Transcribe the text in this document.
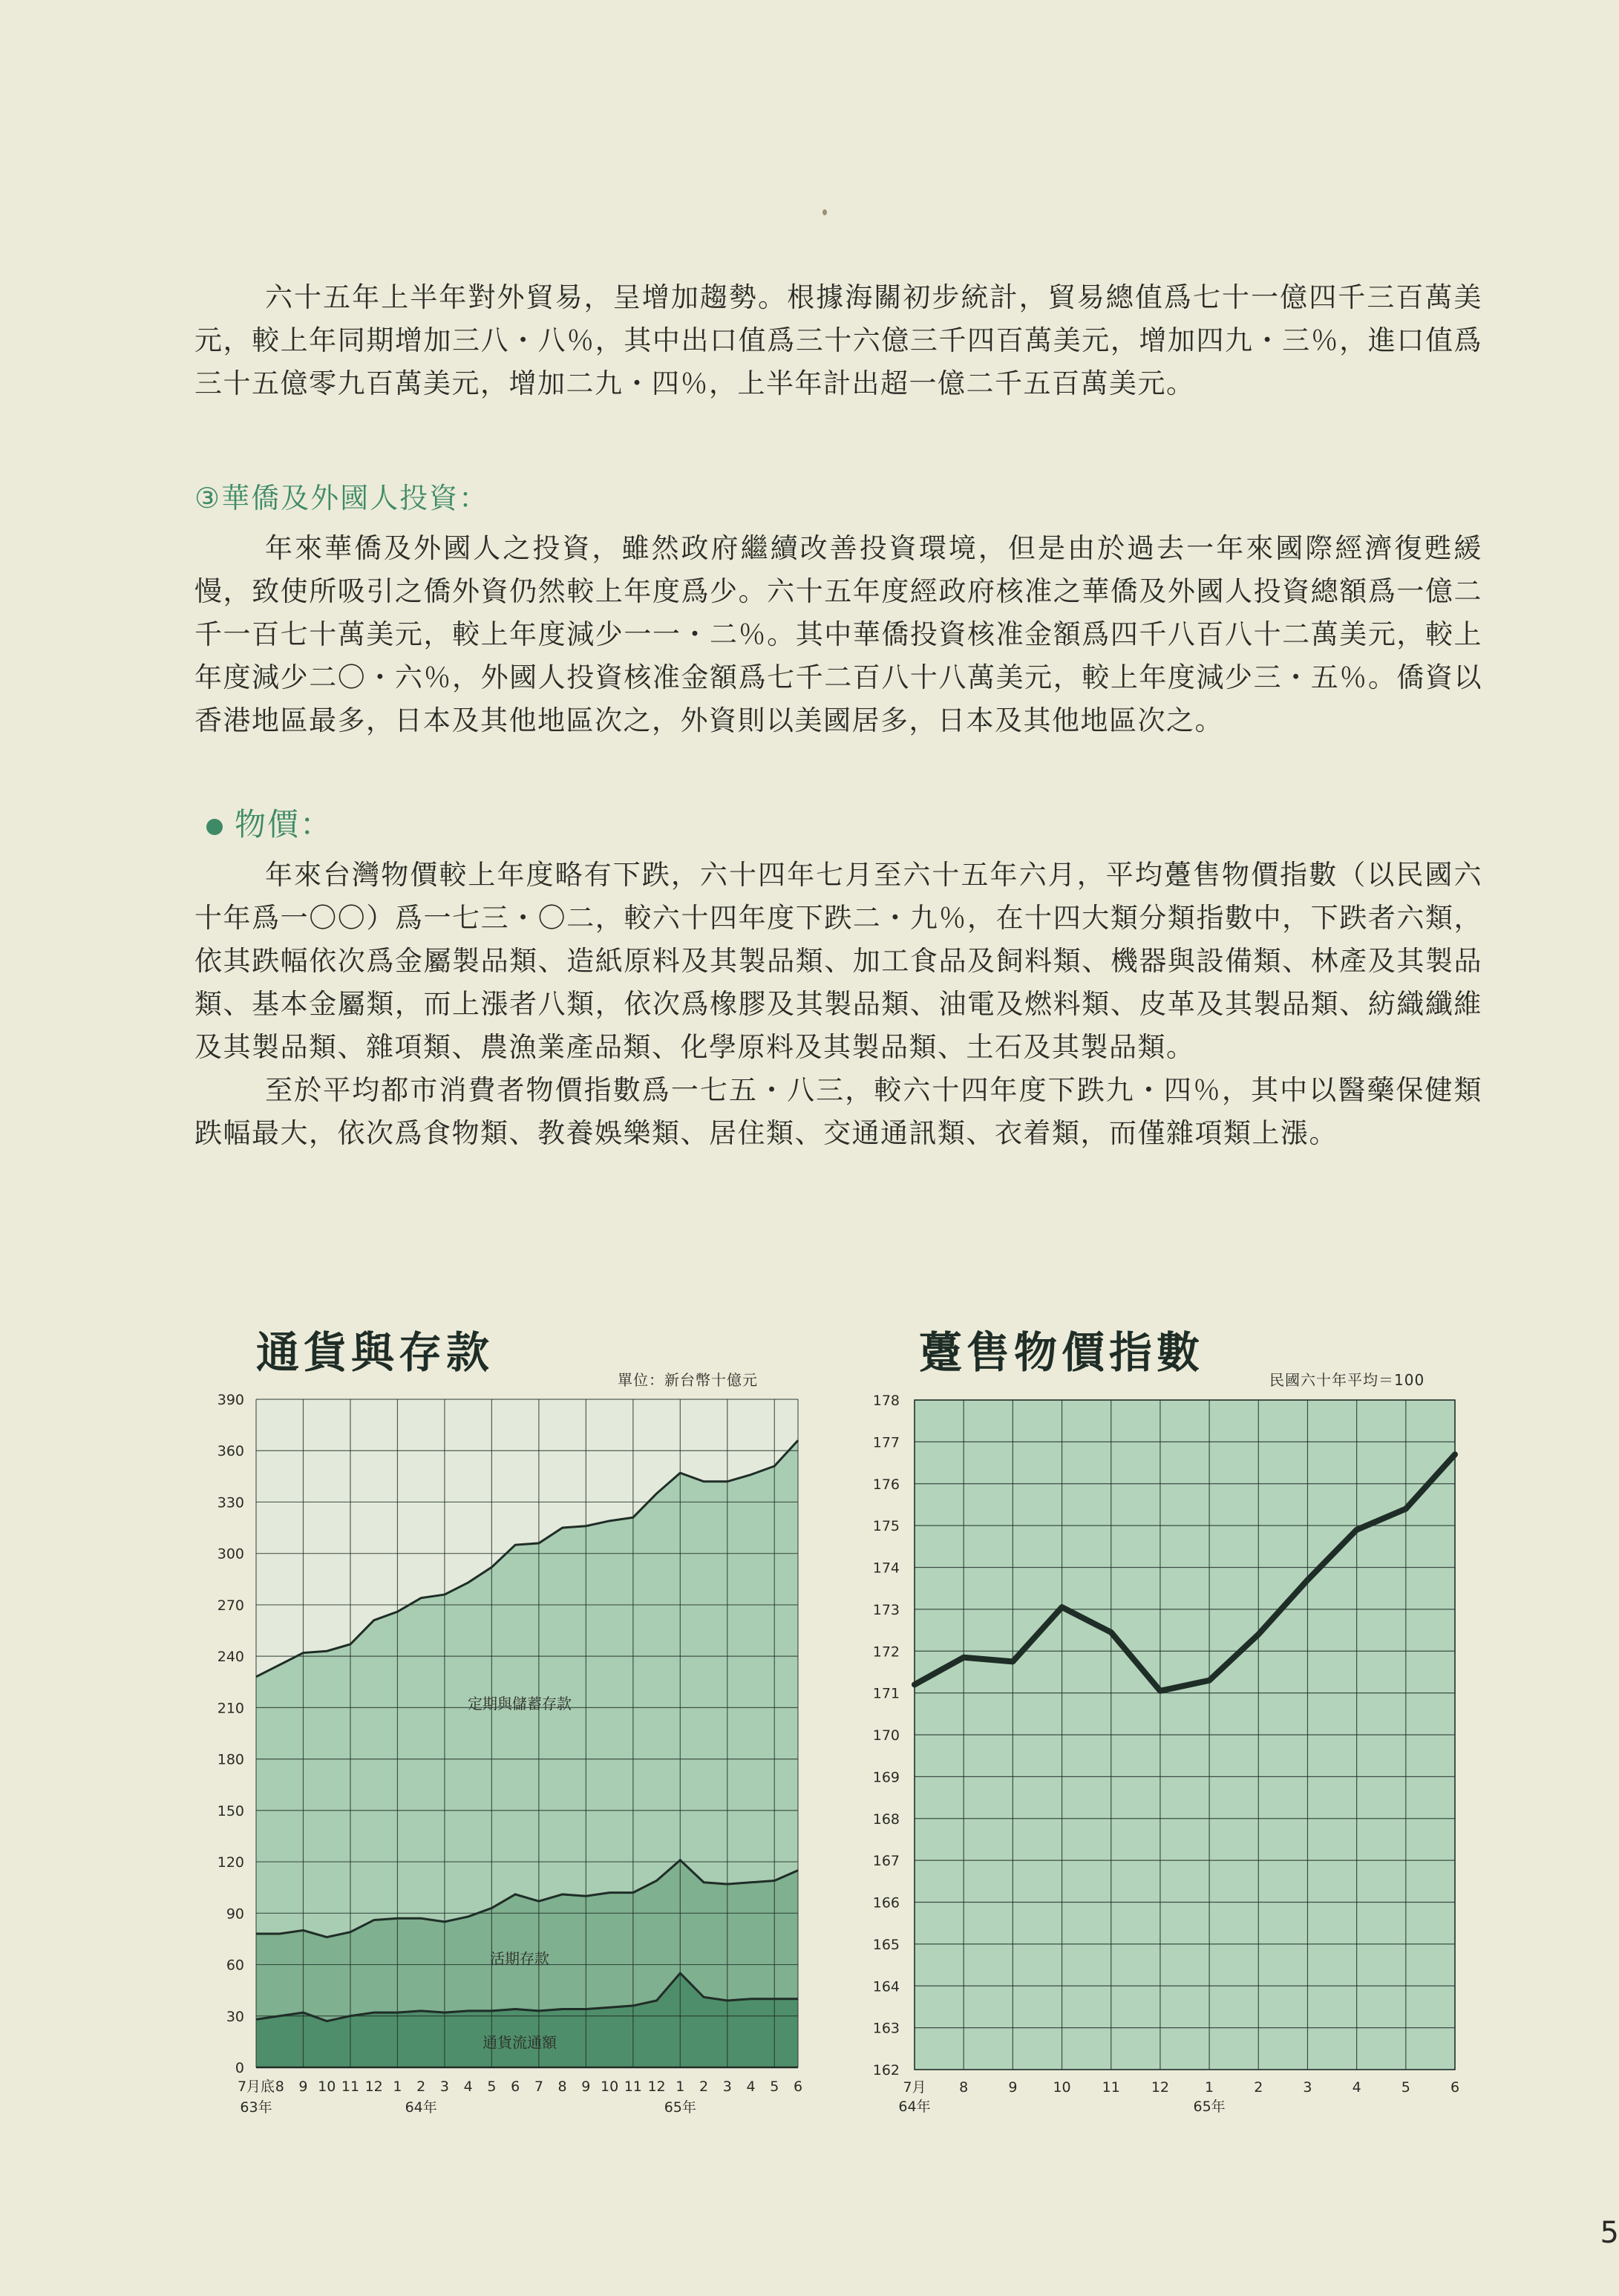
六十五年上半年對外貿易，呈增加趨勢。根據海關初步統計，貿易總值爲七十一億四千三百萬美元，較上年同期增加三八・八％，其中出口值爲三十六億三千四百萬美元，增加四九・三％，進口值爲三十五億零九百萬美元，增加二九・四％，上半年計出超一億二千五百萬美元。

③華僑及外國人投資：

年來華僑及外國人之投資，雖然政府繼續改善投資環境，但是由於過去一年來國際經濟復甦緩慢，致使所吸引之僑外資仍然較上年度爲少。六十五年度經政府核准之華僑及外國人投資總額爲一億二千一百七十萬美元，較上年度減少一一・二％。其中華僑投資核准金額爲四千八百八十二萬美元，較上年度減少二〇・六％，外國人投資核准金額爲七千二百八十八萬美元，較上年度減少三・五％。僑資以香港地區最多，日本及其他地區次之，外資則以美國居多，日本及其他地區次之。

物價：

年來台灣物價較上年度略有下跌，六十四年七月至六十五年六月，平均躉售物價指數（以民國六十年爲一〇〇）爲一七三・〇二，較六十四年度下跌二・九％，在十四大類分類指數中，下跌者六類，依其跌幅依次爲金屬製品類、造紙原料及其製品類、加工食品及飼料類、機器與設備類、林產及其製品類、基本金屬類，而上漲者八類，依次爲橡膠及其製品類、油電及燃料類、皮革及其製品類、紡織纖維及其製品類、雜項類、農漁業產品類、化學原料及其製品類、土石及其製品類。

至於平均都市消費者物價指數爲一七五・八三，較六十四年度下跌九・四％，其中以醫藥保健類跌幅最大，依次爲食物類、教養娛樂類、居住類、交通通訊類、衣着類，而僅雜項類上漲。

通貨與存款
單位：新台幣十億元
0
30
60
90
120
150
180
210
240
270
300
330
360
390
定期與儲蓄存款
活期存款
通貨流通額
7月底 8 9 10 11 12 1 2 3 4 5 6 7 8 9 10 11 12 1 2 3 4 5 6
63年	64年	65年
躉售物價指數
民國六十年平均＝100
162
163
164
165
166
167
168
169
170
171
172
173
174
175
176
177
178
7月 8	9	10 11 12	1	2	3	4	5	6
64年	65年
5
